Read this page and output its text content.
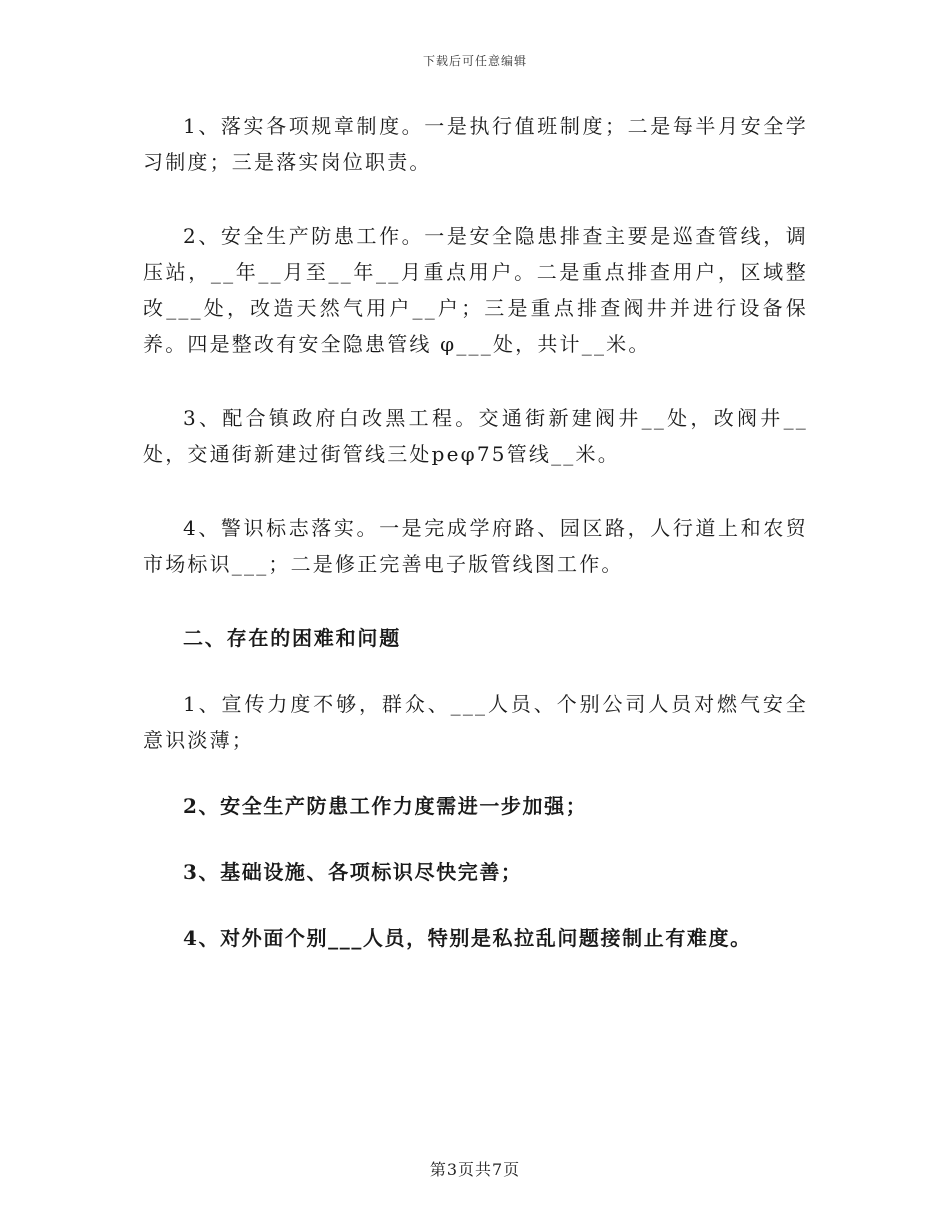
下载后可任意编辑

1、落实各项规章制度。一是执行值班制度；二是每半月安全学习制度；三是落实岗位职责。

2、安全生产防患工作。一是安全隐患排查主要是巡查管线，调压站，__年__月至__年__月重点用户。二是重点排查用户，区域整改___处，改造天然气用户__户；三是重点排查阀井并进行设备保养。四是整改有安全隐患管线 φ___处，共计__米。

3、配合镇政府白改黑工程。交通街新建阀井__处，改阀井__处，交通街新建过街管线三处peφ75管线__米。

4、警识标志落实。一是完成学府路、园区路，人行道上和农贸市场标识___；二是修正完善电子版管线图工作。

二、存在的困难和问题

1、宣传力度不够，群众、___人员、个别公司人员对燃气安全意识淡薄；

2、安全生产防患工作力度需进一步加强；

3、基础设施、各项标识尽快完善；

4、对外面个别___人员，特别是私拉乱问题接制止有难度。

第3页共7页
